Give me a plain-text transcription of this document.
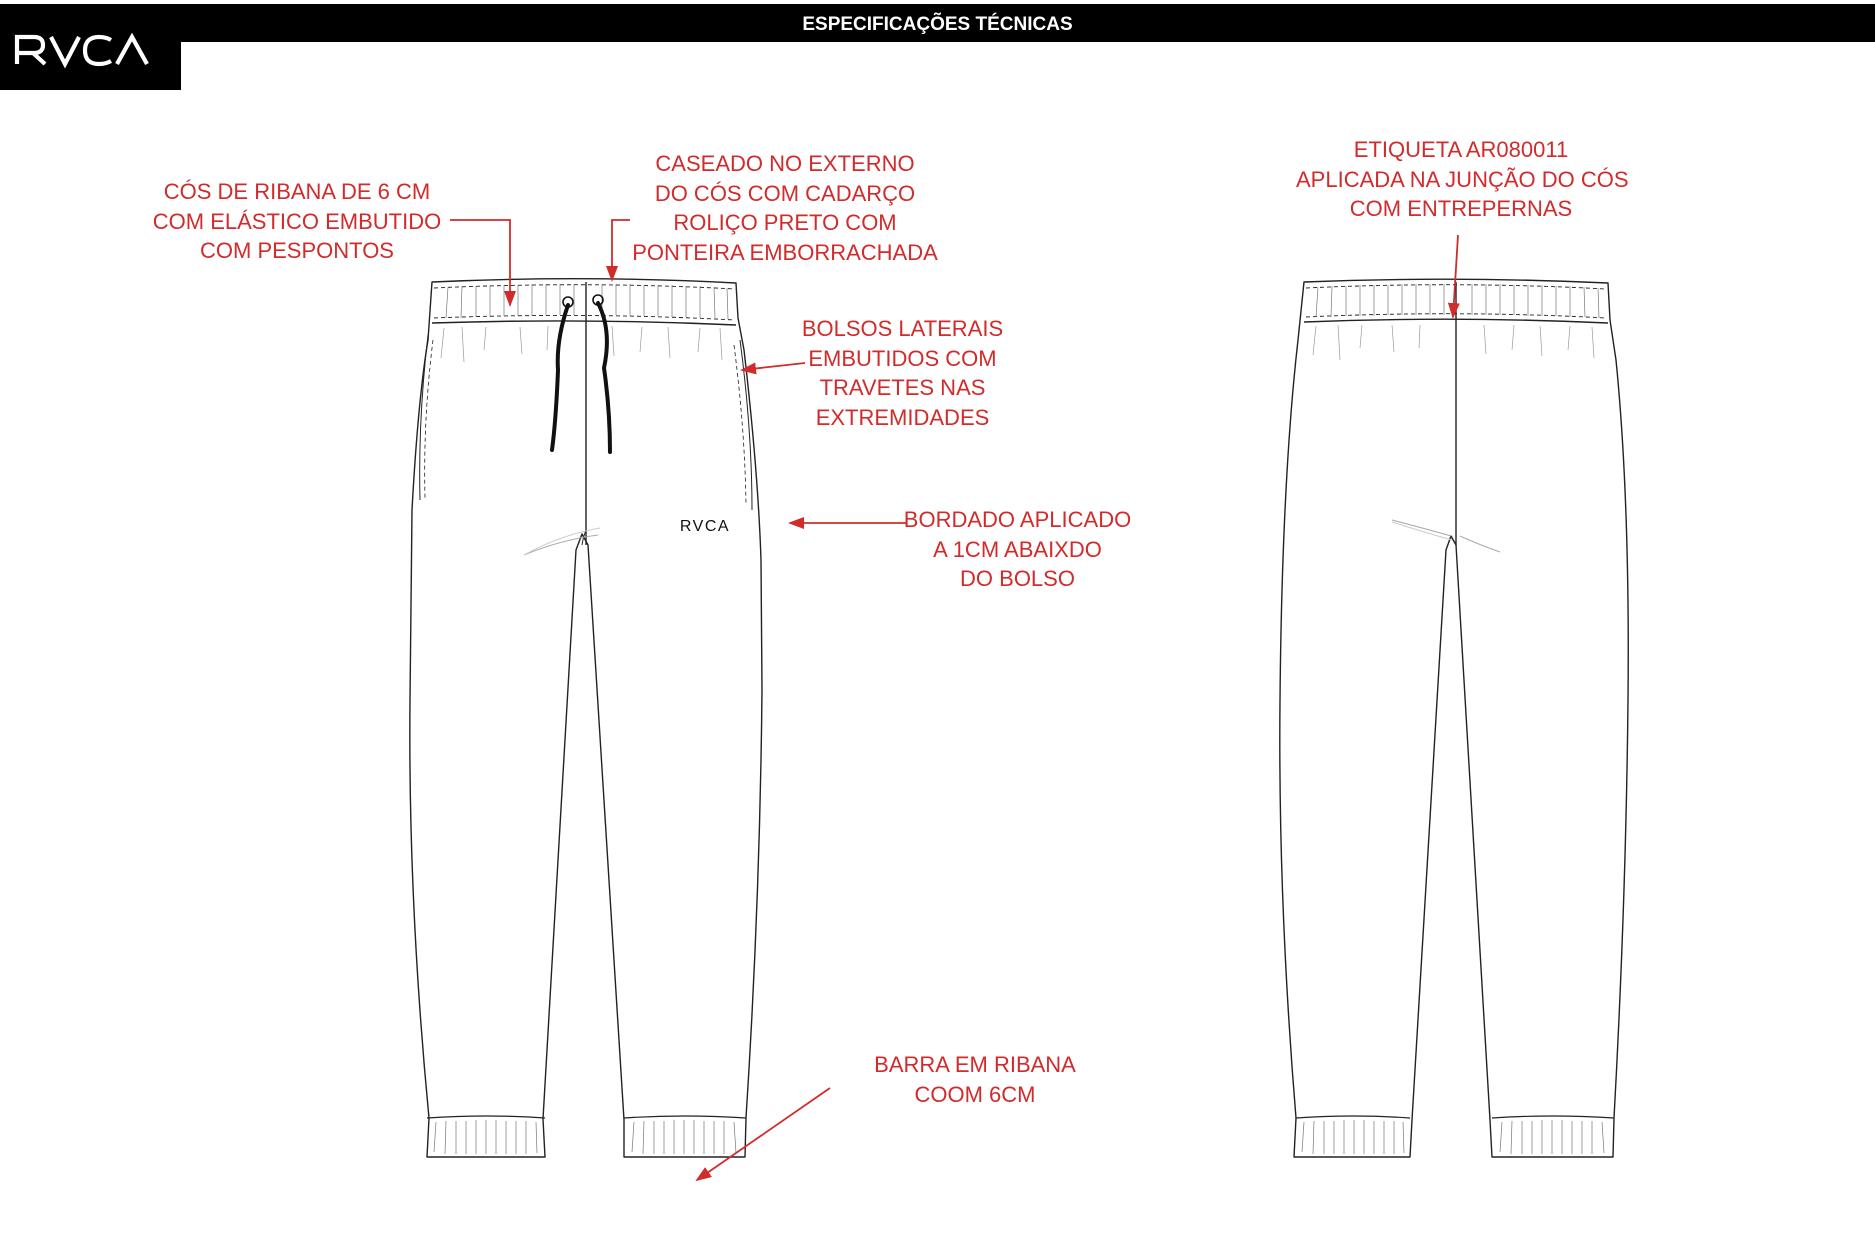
ESPECIFICAÇÕES TÉCNICAS
RVCA
CÓS DE RIBANA DE 6 CM
COM ELÁSTICO EMBUTIDO
COM PESPONTOS
CASEADO NO EXTERNO
DO CÓS COM CADARÇO
ROLIÇO PRETO COM
PONTEIRA EMBORRACHADA
BOLSOS LATERAIS
EMBUTIDOS COM
TRAVETES NAS
EXTREMIDADES
BORDADO APLICADO
A 1CM ABAIXDO
DO BOLSO
BARRA EM RIBANA
COOM 6CM
ETIQUETA AR080011
APLICADA NA JUNÇÃO DO CÓS
COM ENTREPERNAS
